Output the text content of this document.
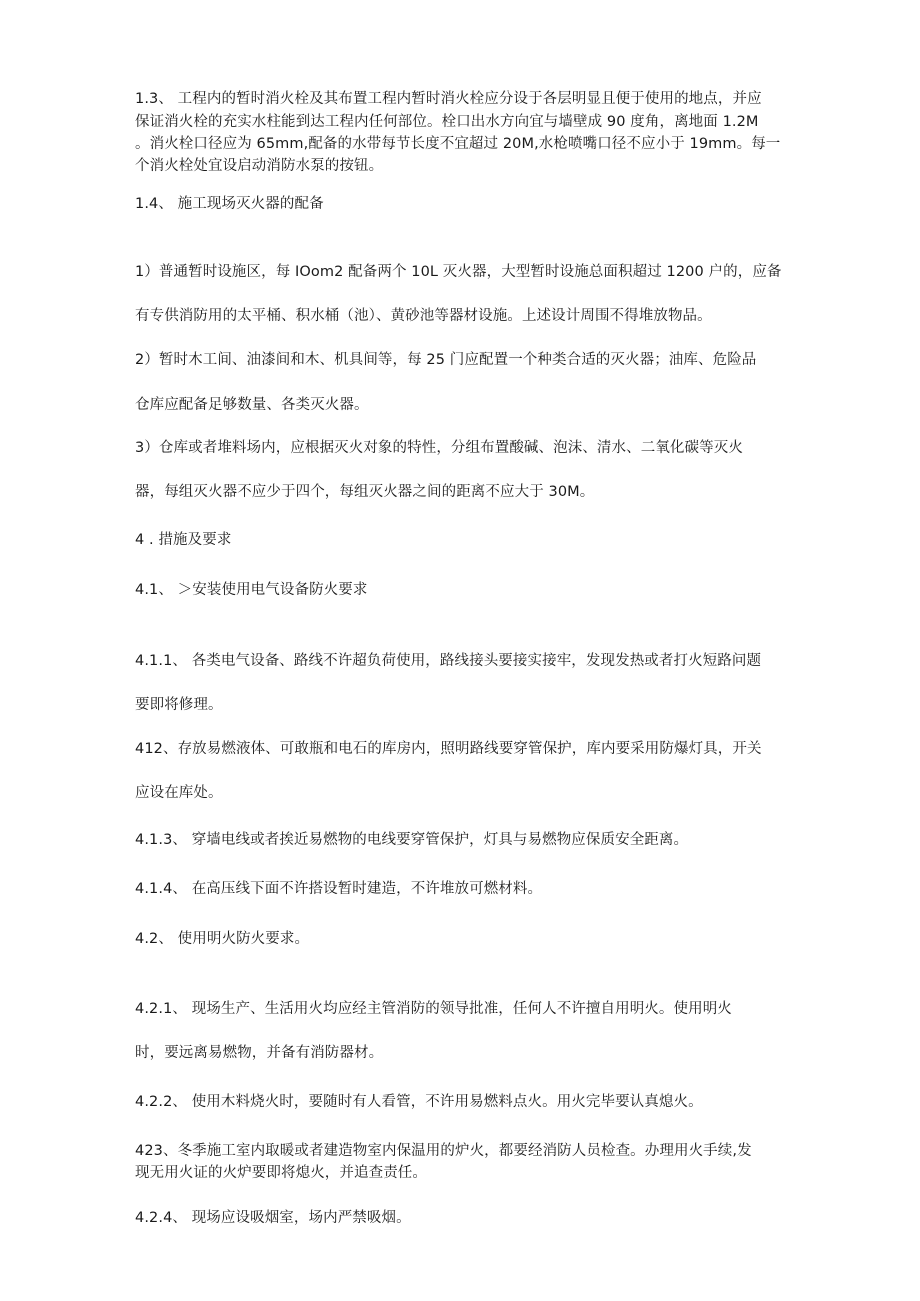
1.3、 工程内的暂时消火栓及其布置工程内暂时消火栓应分设于各层明显且便于使用的地点，并应
保证消火栓的充实水柱能到达工程内任何部位。栓口出水方向宜与墙壁成 90 度角，离地面 1.2M
。消火栓口径应为 65mm,配备的水带每节长度不宜超过 20M,水枪喷嘴口径不应小于 19mm。每一
个消火栓处宜设启动消防水泵的按钮。
1.4、 施工现场灭火器的配备
1）普通暂时设施区，每 IOom2 配备两个 10L 灭火器，大型暂时设施总面积超过 1200 户的，应备
有专供消防用的太平桶、积水桶（池）、黄砂池等器材设施。上述设计周围不得堆放物品。
2）暂时木工间、油漆间和木、机具间等，每 25 门应配置一个种类合适的灭火器；油库、危险品
仓库应配备足够数量、各类灭火器。
3）仓库或者堆料场内，应根据灭火对象的特性，分组布置酸碱、泡沫、清水、二氧化碳等灭火
器，每组灭火器不应少于四个，每组灭火器之间的距离不应大于 30M。
4 . 措施及要求
4.1、 ＞安装使用电气设备防火要求
4.1.1、 各类电气设备、路线不许超负荷使用，路线接头要接实接牢，发现发热或者打火短路问题
要即将修理。
412、存放易燃液体、可敢瓶和电石的库房内，照明路线要穿管保护，库内要采用防爆灯具，开关
应设在库处。
4.1.3、 穿墙电线或者挨近易燃物的电线要穿管保护，灯具与易燃物应保质安全距离。
4.1.4、 在高压线下面不许搭设暂时建造，不许堆放可燃材料。
4.2、 使用明火防火要求。
4.2.1、 现场生产、生活用火均应经主管消防的领导批准，任何人不许擅自用明火。使用明火
时，要远离易燃物，并备有消防器材。
4.2.2、 使用木料烧火时，要随时有人看管，不许用易燃料点火。用火完毕要认真熄火。
423、冬季施工室内取暖或者建造物室内保温用的炉火，都要经消防人员检查。办理用火手续,发
现无用火证的火炉要即将熄火，并追查责任。
4.2.4、 现场应设吸烟室，场内严禁吸烟。
